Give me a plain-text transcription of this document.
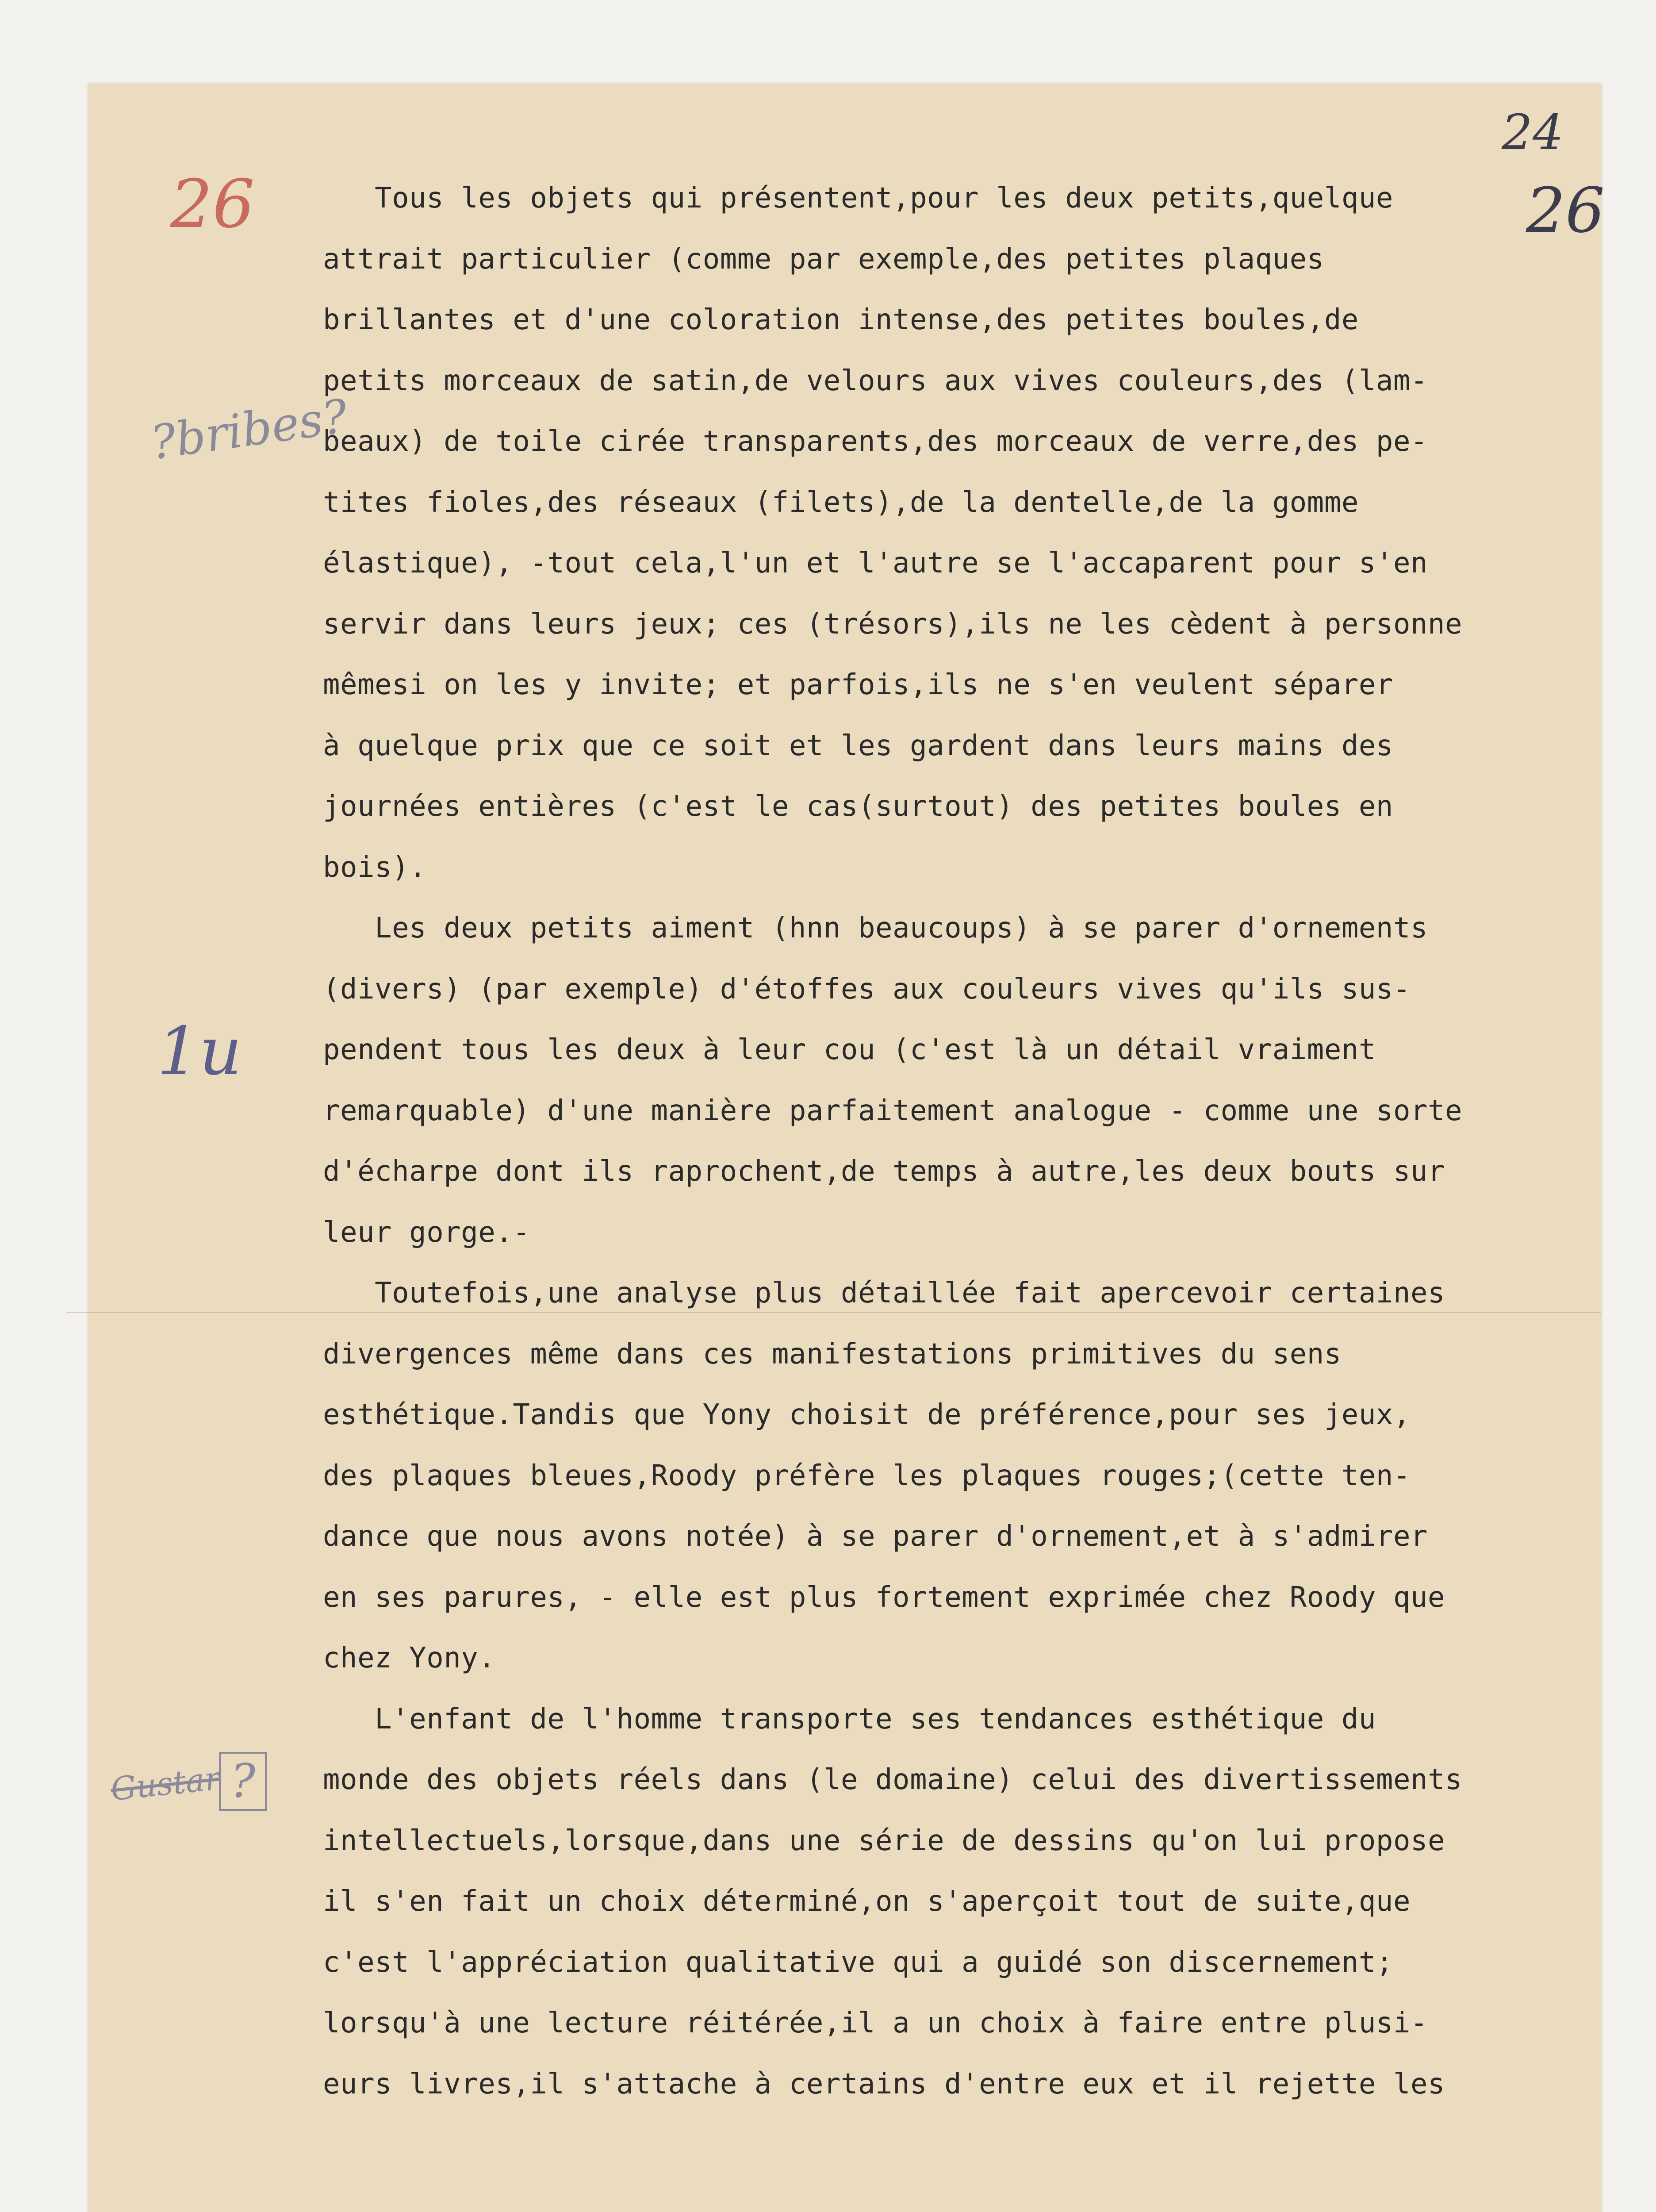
26
?bribes?
1u
Gustar ?
24
26
Tous les objets qui présentent,pour les deux petits,quelque
attrait particulier (comme par exemple,des petites plaques
brillantes et d'une coloration intense,des petites boules,de
petits morceaux de satin,de velours aux vives couleurs,des (lam-
beaux) de toile cirée transparents,des morceaux de verre,des pe-
tites fioles,des réseaux (filets),de la dentelle,de la gomme
élastique), -tout cela,l'un et l'autre se l'accaparent pour s'en
servir dans leurs jeux; ces (trésors),ils ne les cèdent à personne
mêmesi on les y invite; et parfois,ils ne s'en veulent séparer
à quelque prix que ce soit et les gardent dans leurs mains des
journées entières (c'est le cas(surtout) des petites boules en
bois).
Les deux petits aiment (hnn beaucoups) à se parer d'ornements
(divers) (par exemple) d'étoffes aux couleurs vives qu'ils sus-
pendent tous les deux à leur cou (c'est là un détail vraiment
remarquable) d'une manière parfaitement analogue - comme une sorte
d'écharpe dont ils raprochent,de temps à autre,les deux bouts sur
leur gorge.-
Toutefois,une analyse plus détaillée fait apercevoir certaines
divergences même dans ces manifestations primitives du sens
esthétique.Tandis que Yony choisit de préférence,pour ses jeux,
des plaques bleues,Roody préfère les plaques rouges;(cette ten-
dance que nous avons notée) à se parer d'ornement,et à s'admirer
en ses parures, - elle est plus fortement exprimée chez Roody que
chez Yony.
L'enfant de l'homme transporte ses tendances esthétique du
monde des objets réels dans (le domaine) celui des divertissements
intellectuels,lorsque,dans une série de dessins qu'on lui propose
il s'en fait un choix déterminé,on s'aperçoit tout de suite,que
c'est l'appréciation qualitative qui a guidé son discernement;
lorsqu'à une lecture réitérée,il a un choix à faire entre plusi-
eurs livres,il s'attache à certains d'entre eux et il rejette les
